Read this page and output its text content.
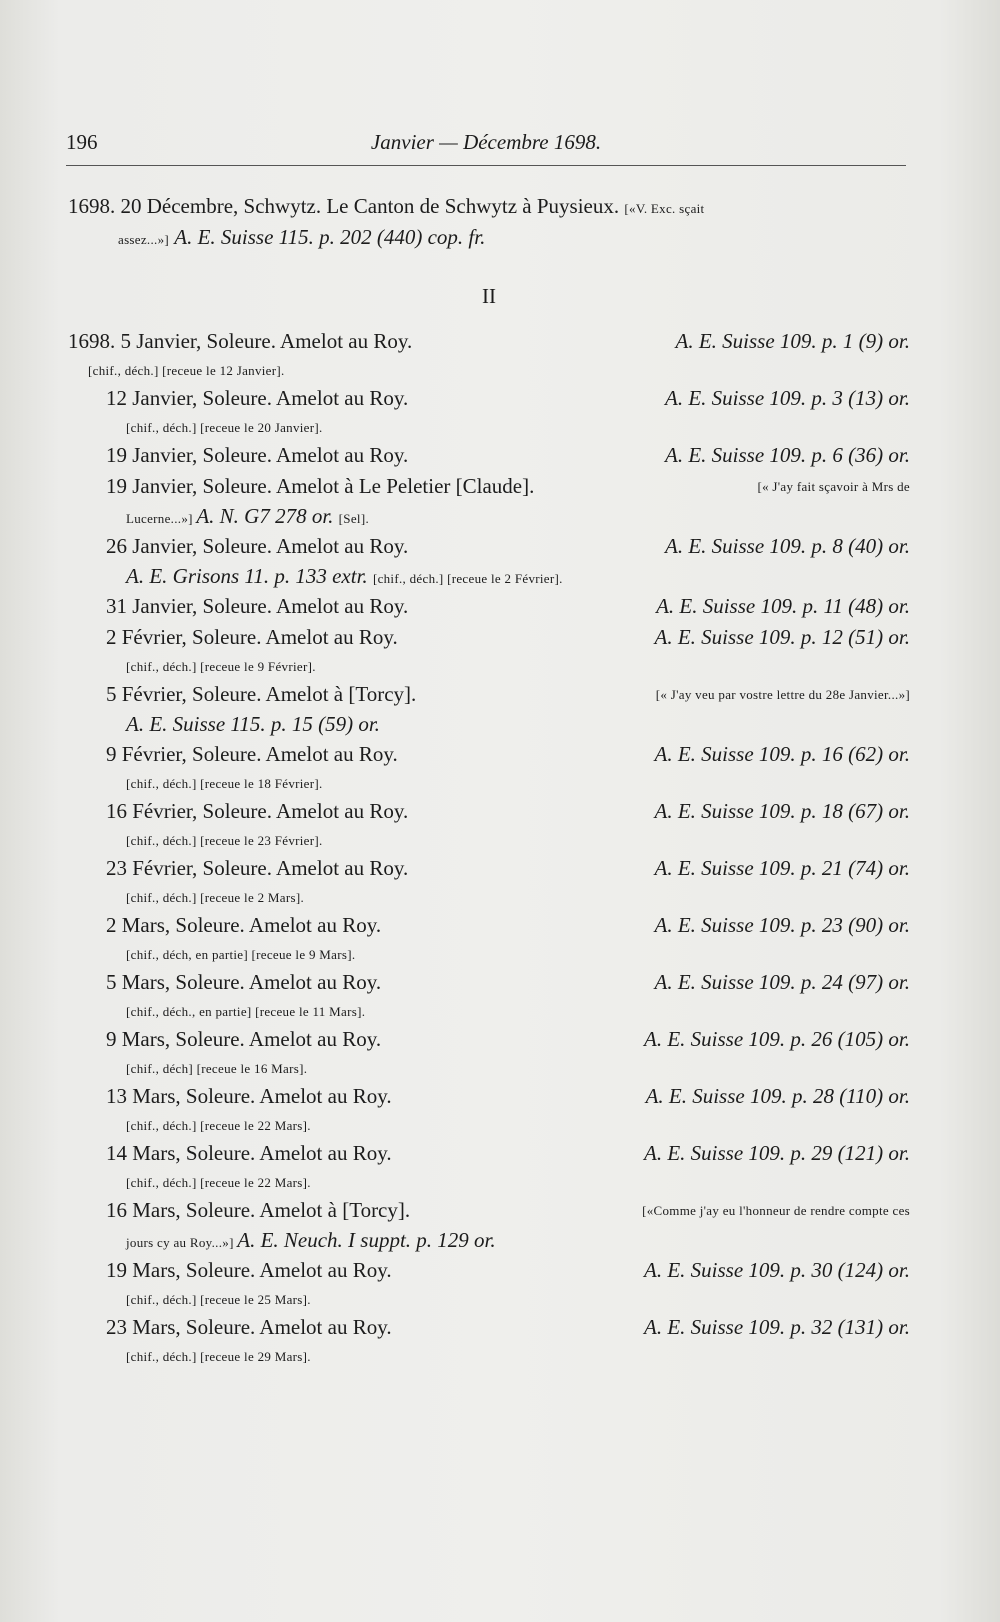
196	Janvier — Décembre 1698.
1698. 20 Décembre, Schwytz. Le Canton de Schwytz à Puysieux. [«V. Exc. sçait
assez...»] A. E. Suisse 115. p. 202 (440) cop. fr.
II
1698. 5 Janvier, Soleure. Amelot au Roy.	A. E. Suisse 109. p. 1 (9) or.
[chif., déch.] [receue le 12 Janvier].
12 Janvier, Soleure. Amelot au Roy.	A. E. Suisse 109. p. 3 (13) or.
[chif., déch.] [receue le 20 Janvier].
19 Janvier, Soleure. Amelot au Roy.	A. E. Suisse 109. p. 6 (36) or.
19 Janvier, Soleure. Amelot à Le Peletier [Claude].	[« J'ay fait sçavoir à Mrs de
Lucerne...»] A. N. G7 278 or. [Sel].
26 Janvier, Soleure. Amelot au Roy.	A. E. Suisse 109. p. 8 (40) or.
A. E. Grisons 11. p. 133 extr. [chif., déch.] [receue le 2 Février].
31 Janvier, Soleure. Amelot au Roy.	A. E. Suisse 109. p. 11 (48) or.
2 Février, Soleure. Amelot au Roy.	A. E. Suisse 109. p. 12 (51) or.
[chif., déch.] [receue le 9 Février].
5 Février, Soleure. Amelot à [Torcy].	[« J'ay veu par vostre lettre du 28e Janvier...»]
A. E. Suisse 115. p. 15 (59) or.
9 Février, Soleure. Amelot au Roy.	A. E. Suisse 109. p. 16 (62) or.
[chif., déch.] [receue le 18 Février].
16 Février, Soleure. Amelot au Roy.	A. E. Suisse 109. p. 18 (67) or.
[chif., déch.] [receue le 23 Février].
23 Février, Soleure. Amelot au Roy.	A. E. Suisse 109. p. 21 (74) or.
[chif., déch.] [receue le 2 Mars].
2 Mars, Soleure. Amelot au Roy.	A. E. Suisse 109. p. 23 (90) or.
[chif., déch, en partie] [receue le 9 Mars].
5 Mars, Soleure. Amelot au Roy.	A. E. Suisse 109. p. 24 (97) or.
[chif., déch., en partie] [receue le 11 Mars].
9 Mars, Soleure. Amelot au Roy.	A. E. Suisse 109. p. 26 (105) or.
[chif., déch] [receue le 16 Mars].
13 Mars, Soleure. Amelot au Roy.	A. E. Suisse 109. p. 28 (110) or.
[chif., déch.] [receue le 22 Mars].
14 Mars, Soleure. Amelot au Roy.	A. E. Suisse 109. p. 29 (121) or.
[chif., déch.] [receue le 22 Mars].
16 Mars, Soleure. Amelot à [Torcy].	[«Comme j'ay eu l'honneur de rendre compte ces
jours cy au Roy...»] A. E. Neuch. I suppt. p. 129 or.
19 Mars, Soleure. Amelot au Roy.	A. E. Suisse 109. p. 30 (124) or.
[chif., déch.] [receue le 25 Mars].
23 Mars, Soleure. Amelot au Roy.	A. E. Suisse 109. p. 32 (131) or.
[chif., déch.] [receue le 29 Mars].
